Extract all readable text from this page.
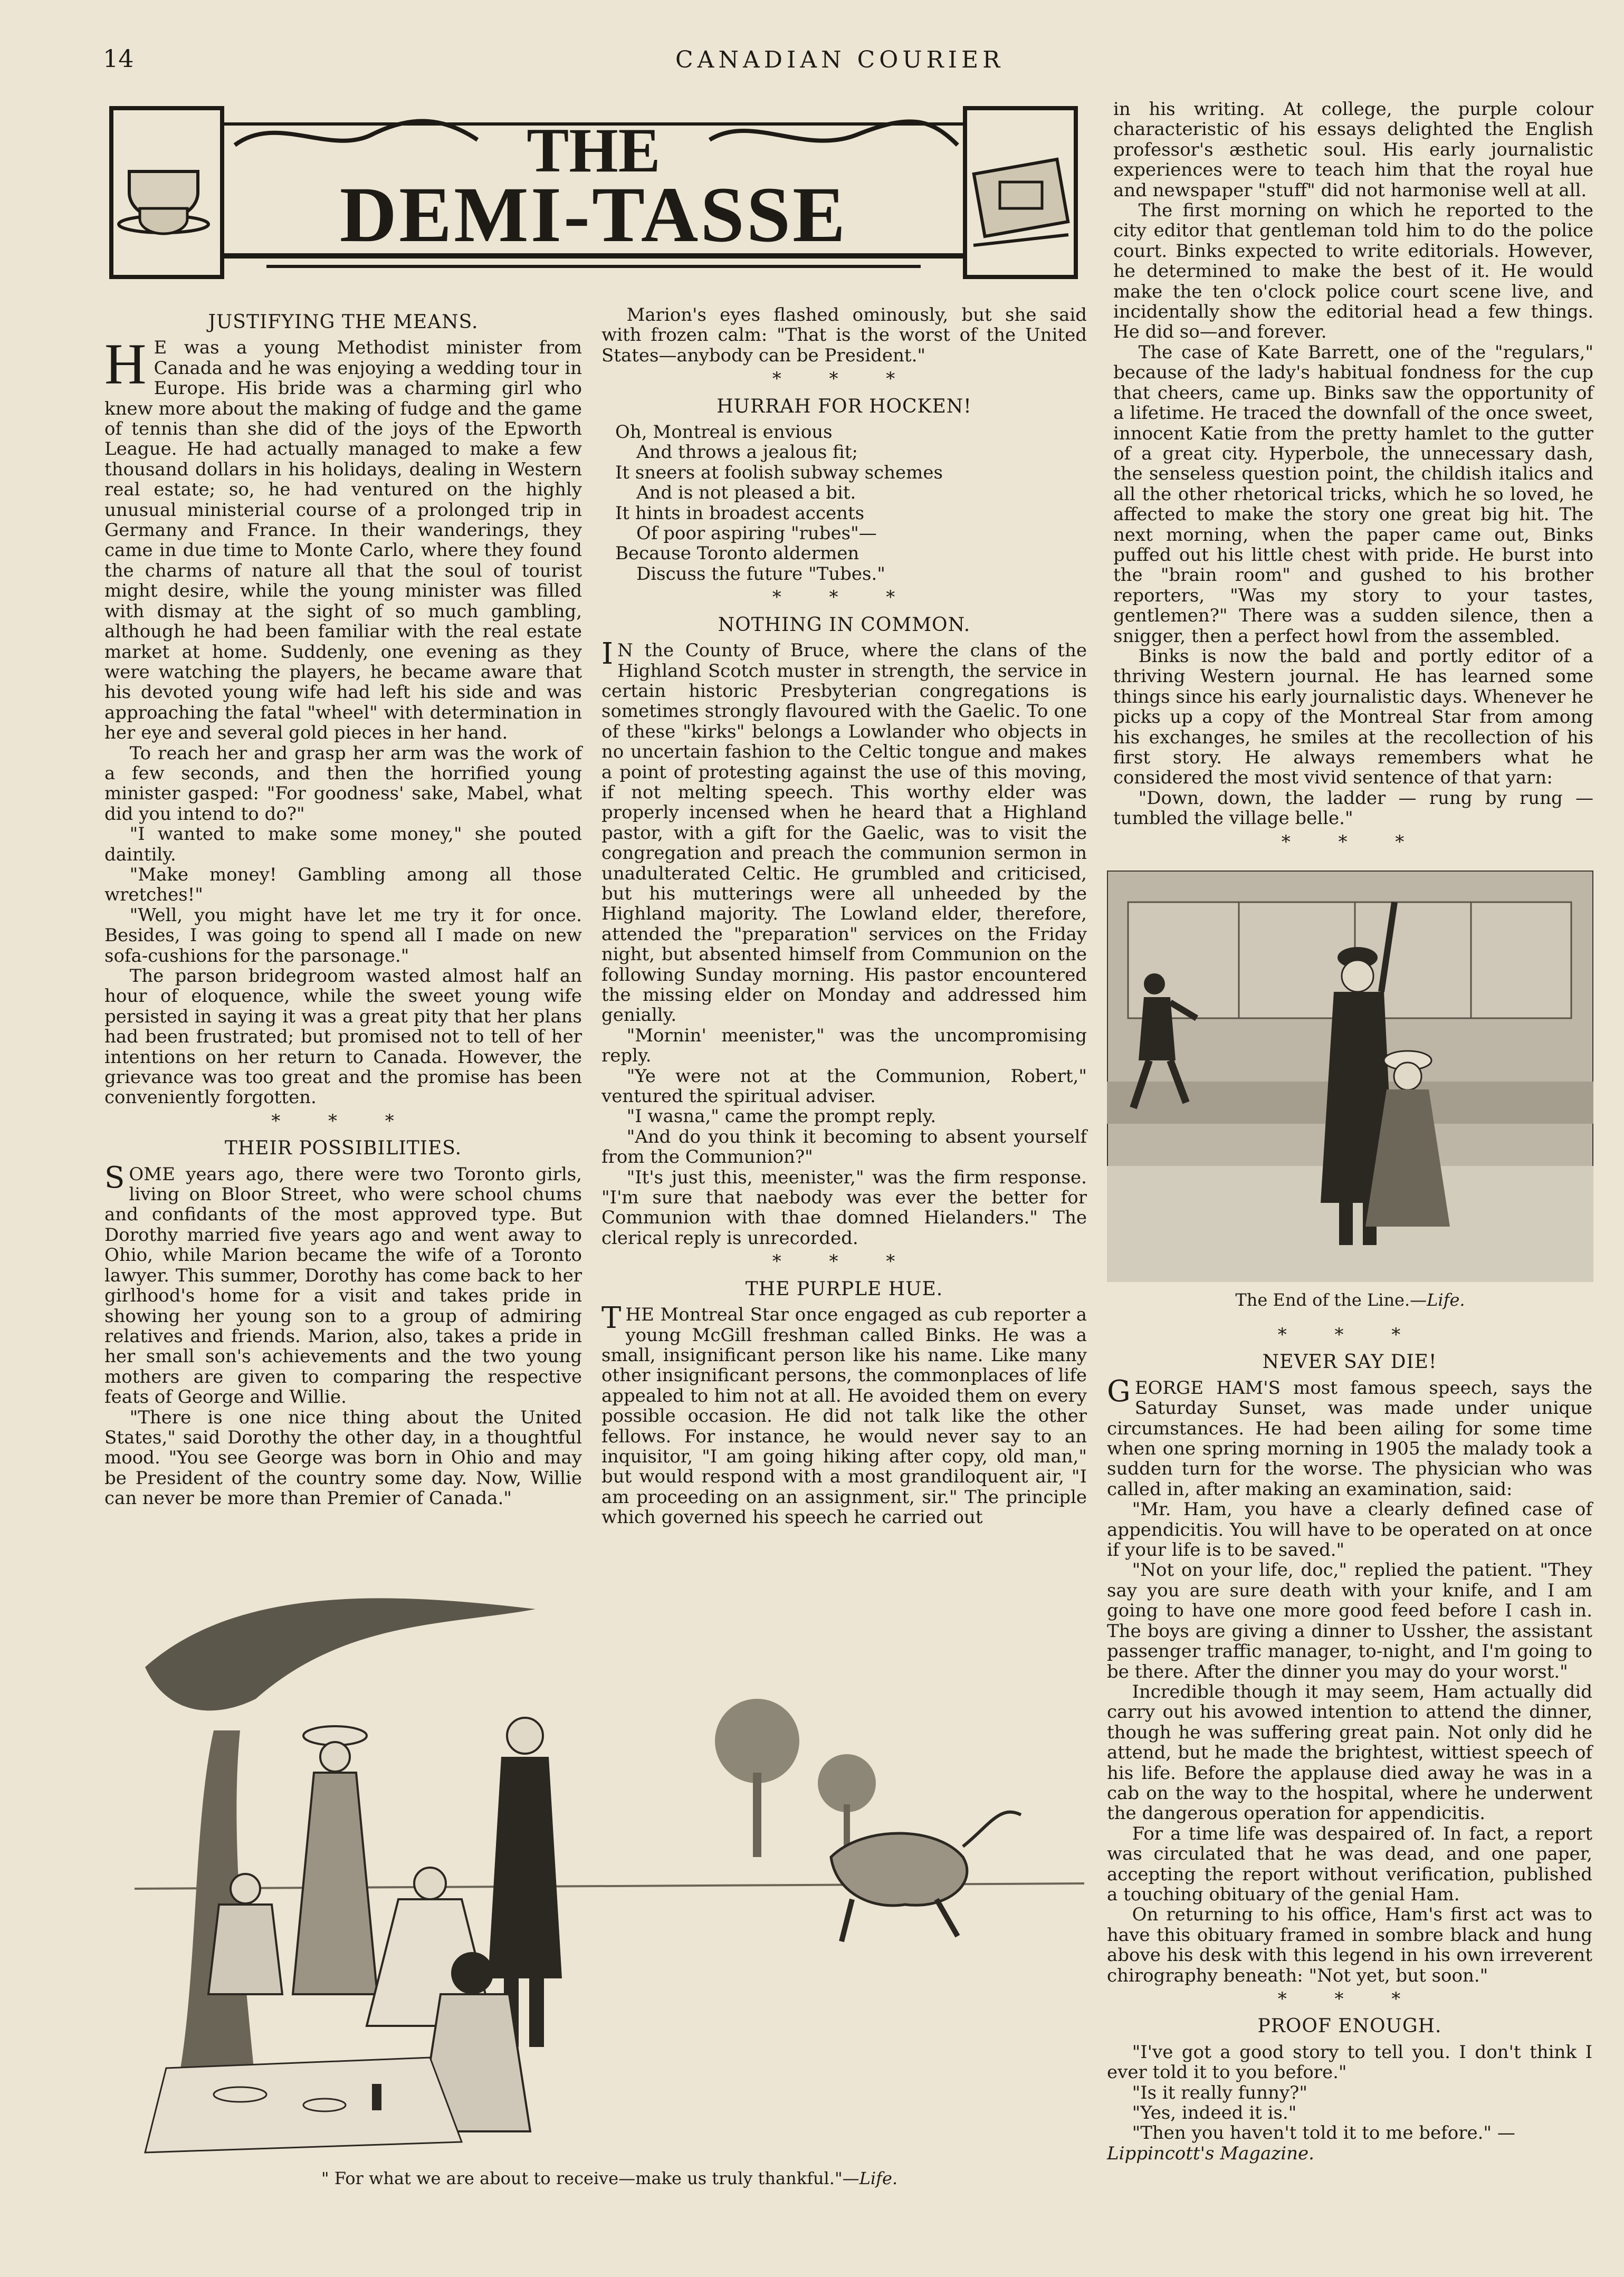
14	CANADIAN COURIER
THE
DEMI-TASSE
JUSTIFYING THE MEANS.

H E was a young Methodist minister from Canada and he was enjoying a wedding tour in Europe. His bride was a charming girl who knew more about the making of fudge and the game of tennis than she did of the joys of the Epworth League. He had actually managed to make a few thousand dollars in his holidays, dealing in Western real estate; so, he had ventured on the highly unusual ministerial course of a prolonged trip in Germany and France. In their wanderings, they came in due time to Monte Carlo, where they found the charms of nature all that the soul of tourist might desire, while the young minister was filled with dismay at the sight of so much gambling, although he had been familiar with the real estate market at home. Suddenly, one evening as they were watching the players, he became aware that his devoted young wife had left his side and was approaching the fatal "wheel" with determination in her eye and several gold pieces in her hand.

To reach her and grasp her arm was the work of a few seconds, and then the horrified young minister gasped: "For goodness' sake, Mabel, what did you intend to do?"

"I wanted to make some money," she pouted daintily.

"Make money! Gambling among all those wretches!"

"Well, you might have let me try it for once. Besides, I was going to spend all I made on new sofa-cushions for the parsonage."

The parson bridegroom wasted almost half an hour of eloquence, while the sweet young wife persisted in saying it was a great pity that her plans had been frustrated; but promised not to tell of her intentions on her return to Canada. However, the grievance was too great and the promise has been conveniently forgotten.

* * *
THEIR POSSIBILITIES.

SOME years ago, there were two Toronto girls, living on Bloor Street, who were school chums and confidants of the most approved type. But Dorothy married five years ago and went away to Ohio, while Marion became the wife of a Toronto lawyer. This summer, Dorothy has come back to her girlhood's home for a visit and takes pride in showing her young son to a group of admiring relatives and friends. Marion, also, takes a pride in her small son's achievements and the two young mothers are given to comparing the respective feats of George and Willie.

"There is one nice thing about the United States," said Dorothy the other day, in a thoughtful mood. "You see George was born in Ohio and may be President of the country some day. Now, Willie can never be more than Premier of Canada."

Marion's eyes flashed ominously, but she said with frozen calm: "That is the worst of the United States—anybody can be President."

* * *
HURRAH FOR HOCKEN!

Oh, Montreal is envious

And throws a jealous fit;

It sneers at foolish subway schemes

And is not pleased a bit.

It hints in broadest accents

Of poor aspiring "rubes"—

Because Toronto aldermen

Discuss the future "Tubes."

* * *
NOTHING IN COMMON.

I N the County of Bruce, where the clans of the Highland Scotch muster in strength, the service in certain historic Presbyterian congregations is sometimes strongly flavoured with the Gaelic. To one of these "kirks" belongs a Lowlander who objects in no uncertain fashion to the Celtic tongue and makes a point of protesting against the use of this moving, if not melting speech. This worthy elder was properly incensed when he heard that a Highland pastor, with a gift for the Gaelic, was to visit the congregation and preach the communion sermon in unadulterated Celtic. He grumbled and criticised, but his mutterings were all unheeded by the Highland majority. The Lowland elder, therefore, attended the "preparation" services on the Friday night, but absented himself from Communion on the following Sunday morning. His pastor encountered the missing elder on Monday and addressed him genially.

"Mornin' meenister," was the uncompromising reply.

"Ye were not at the Communion, Robert," ventured the spiritual adviser.

"I wasna," came the prompt reply.

"And do you think it becoming to absent yourself from the Communion?"

"It's just this, meenister," was the firm response. "I'm sure that naebody was ever the better for Communion with thae domned Hielanders." The clerical reply is unrecorded.

* * *
THE PURPLE HUE.

THE Montreal Star once engaged as cub reporter a young McGill freshman called Binks. He was a small, insignificant person like his name. Like many other insignificant persons, the commonplaces of life appealed to him not at all. He avoided them on every possible occasion. He did not talk like the other fellows. For instance, he would never say to an inquisitor, "I am going hiking after copy, old man," but would respond with a most grandiloquent air, "I am proceeding on an assignment, sir." The principle which governed his speech he carried out

in his writing. At college, the purple colour characteristic of his essays delighted the English professor's æsthetic soul. His early journalistic experiences were to teach him that the royal hue and newspaper "stuff" did not harmonise well at all.

The first morning on which he reported to the city editor that gentleman told him to do the police court. Binks expected to write editorials. However, he determined to make the best of it. He would make the ten o'clock police court scene live, and incidentally show the editorial head a few things. He did so—and forever.

The case of Kate Barrett, one of the "regulars," because of the lady's habitual fondness for the cup that cheers, came up. Binks saw the opportunity of a lifetime. He traced the downfall of the once sweet, innocent Katie from the pretty hamlet to the gutter of a great city. Hyperbole, the unnecessary dash, the senseless question point, the childish italics and all the other rhetorical tricks, which he so loved, he affected to make the story one great big hit. The next morning, when the paper came out, Binks puffed out his little chest with pride. He burst into the "brain room" and gushed to his brother reporters, "Was my story to your tastes, gentlemen?" There was a sudden silence, then a snigger, then a perfect howl from the assembled.

Binks is now the bald and portly editor of a thriving Western journal. He has learned some things since his early journalistic days. Whenever he picks up a copy of the Montreal Star from among his exchanges, he smiles at the recollection of his first story. He always remembers what he considered the most vivid sentence of that yarn:

"Down, down, the ladder — rung by rung — tumbled the village belle."

* * *
The End of the Line.—Life.
* * *
NEVER SAY DIE!

GEORGE HAM'S most famous speech, says the Saturday Sunset, was made under unique circumstances. He had been ailing for some time when one spring morning in 1905 the malady took a sudden turn for the worse. The physician who was called in, after making an examination, said:

"Mr. Ham, you have a clearly defined case of appendicitis. You will have to be operated on at once if your life is to be saved."

"Not on your life, doc," replied the patient. "They say you are sure death with your knife, and I am going to have one more good feed before I cash in. The boys are giving a dinner to Ussher, the assistant passenger traffic manager, to-night, and I'm going to be there. After the dinner you may do your worst."

Incredible though it may seem, Ham actually did carry out his avowed intention to attend the dinner, though he was suffering great pain. Not only did he attend, but he made the brightest, wittiest speech of his life. Before the applause died away he was in a cab on the way to the hospital, where he underwent the dangerous operation for appendicitis.

For a time life was despaired of. In fact, a report was circulated that he was dead, and one paper, accepting the report without verification, published a touching obituary of the genial Ham.

On returning to his office, Ham's first act was to have this obituary framed in sombre black and hung above his desk with this legend in his own irreverent chirography beneath: "Not yet, but soon."

* * *
PROOF ENOUGH.

"I've got a good story to tell you. I don't think I ever told it to you before."

"Is it really funny?"

"Yes, indeed it is."

"Then you haven't told it to me before." —

Lippincott's Magazine.

" For what we are about to receive—make us truly thankful."—Life.
